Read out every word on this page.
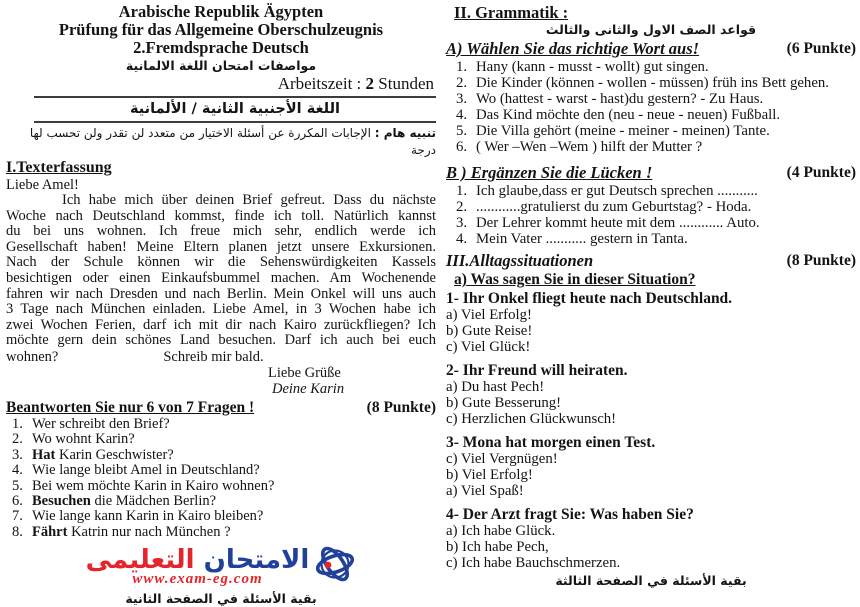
Arabische Republik Ägypten
Prüfung für das Allgemeine Oberschulzeugnis
2.Fremdsprache Deutsch
مواصفات امتحان اللغة الالمانية
Arbeitszeit : 2 Stunden
اللغة الأجنبية الثانية / الألمانية
تنبيه هام : الإجابات المكررة عن أسئلة الاختيار من متعدد لن تقدر ولن تحسب لها درجة
I.Texterfassung
Liebe Amel!
Ich habe mich über deinen Brief gefreut. Dass du nächste
Woche nach Deutschland kommst, finde ich toll. Natürlich kannst
du bei uns wohnen. Ich freue mich sehr, endlich werde ich
Gesellschaft haben! Meine Eltern planen jetzt unsere Exkursionen.
Nach der Schule können wir die Sehenswürdigkeiten Kassels
besichtigen oder einen Einkaufsbummel machen. Am Wochenende
fahren wir nach Dresden und nach Berlin. Mein Onkel will uns auch
3 Tage nach München einladen. Liebe Amel, in 3 Wochen habe ich
zwei Wochen Ferien, darf ich mit dir nach Kairo zurückfliegen? Ich
möchte gern dein schönes Land besuchen. Darf ich auch bei euch
wohnen?	Schreib mir bald.
Liebe Grüße
Deine Karin
Beantworten Sie nur 6 von 7 Fragen !	(8 Punkte)
1. Wer schreibt den Brief?
2. Wo wohnt Karin?
3. Hat Karin Geschwister?
4. Wie lange bleibt Amel in Deutschland?
5. Bei wem möchte Karin in Kairo wohnen?
6. Besuchen die Mädchen Berlin?
7. Wie lange kann Karin in Kairo bleiben?
8. Fährt Katrin nur nach München ?
الامتحان التعليمى
www.exam-eg.com
بقية الأسئلة في الصفحة الثانية
II. Grammatik :
قواعد الصف الاول والثانى والثالث
A) Wählen Sie das richtige Wort aus!	(6 Punkte)
1. Hany (kann - musst - wollt) gut singen.
2. Die Kinder (können - wollen - müssen) früh ins Bett gehen.
3. Wo (hattest - warst - hast)du gestern? - Zu Haus.
4. Das Kind möchte den (neu - neue - neuen) Fußball.
5. Die Villa gehört (meine - meiner - meinen) Tante.
6. ( Wer –Wen –Wem ) hilft der Mutter ?
B ) Ergänzen Sie die Lücken !	(4 Punkte)
1. Ich glaube,dass er gut Deutsch sprechen ...........
2. ............gratulierst du zum Geburtstag? - Hoda.
3. Der Lehrer kommt heute mit dem ............ Auto.
4. Mein Vater ........... gestern in Tanta.
III.Alltagssituationen	(8 Punkte)
a) Was sagen Sie in dieser Situation?
1- Ihr Onkel fliegt heute nach Deutschland.
a) Viel Erfolg!
b) Gute Reise!
c) Viel Glück!
2- Ihr Freund will heiraten.
a) Du hast Pech!
b) Gute Besserung!
c) Herzlichen Glückwunsch!
3- Mona hat morgen einen Test.
c) Viel Vergnügen!
b) Viel Erfolg!
a) Viel Spaß!
4- Der Arzt fragt Sie: Was haben Sie?
a) Ich habe Glück.
b) Ich habe Pech,
c) Ich habe Bauchschmerzen.
بقية الأسئلة في الصفحة الثالثة
